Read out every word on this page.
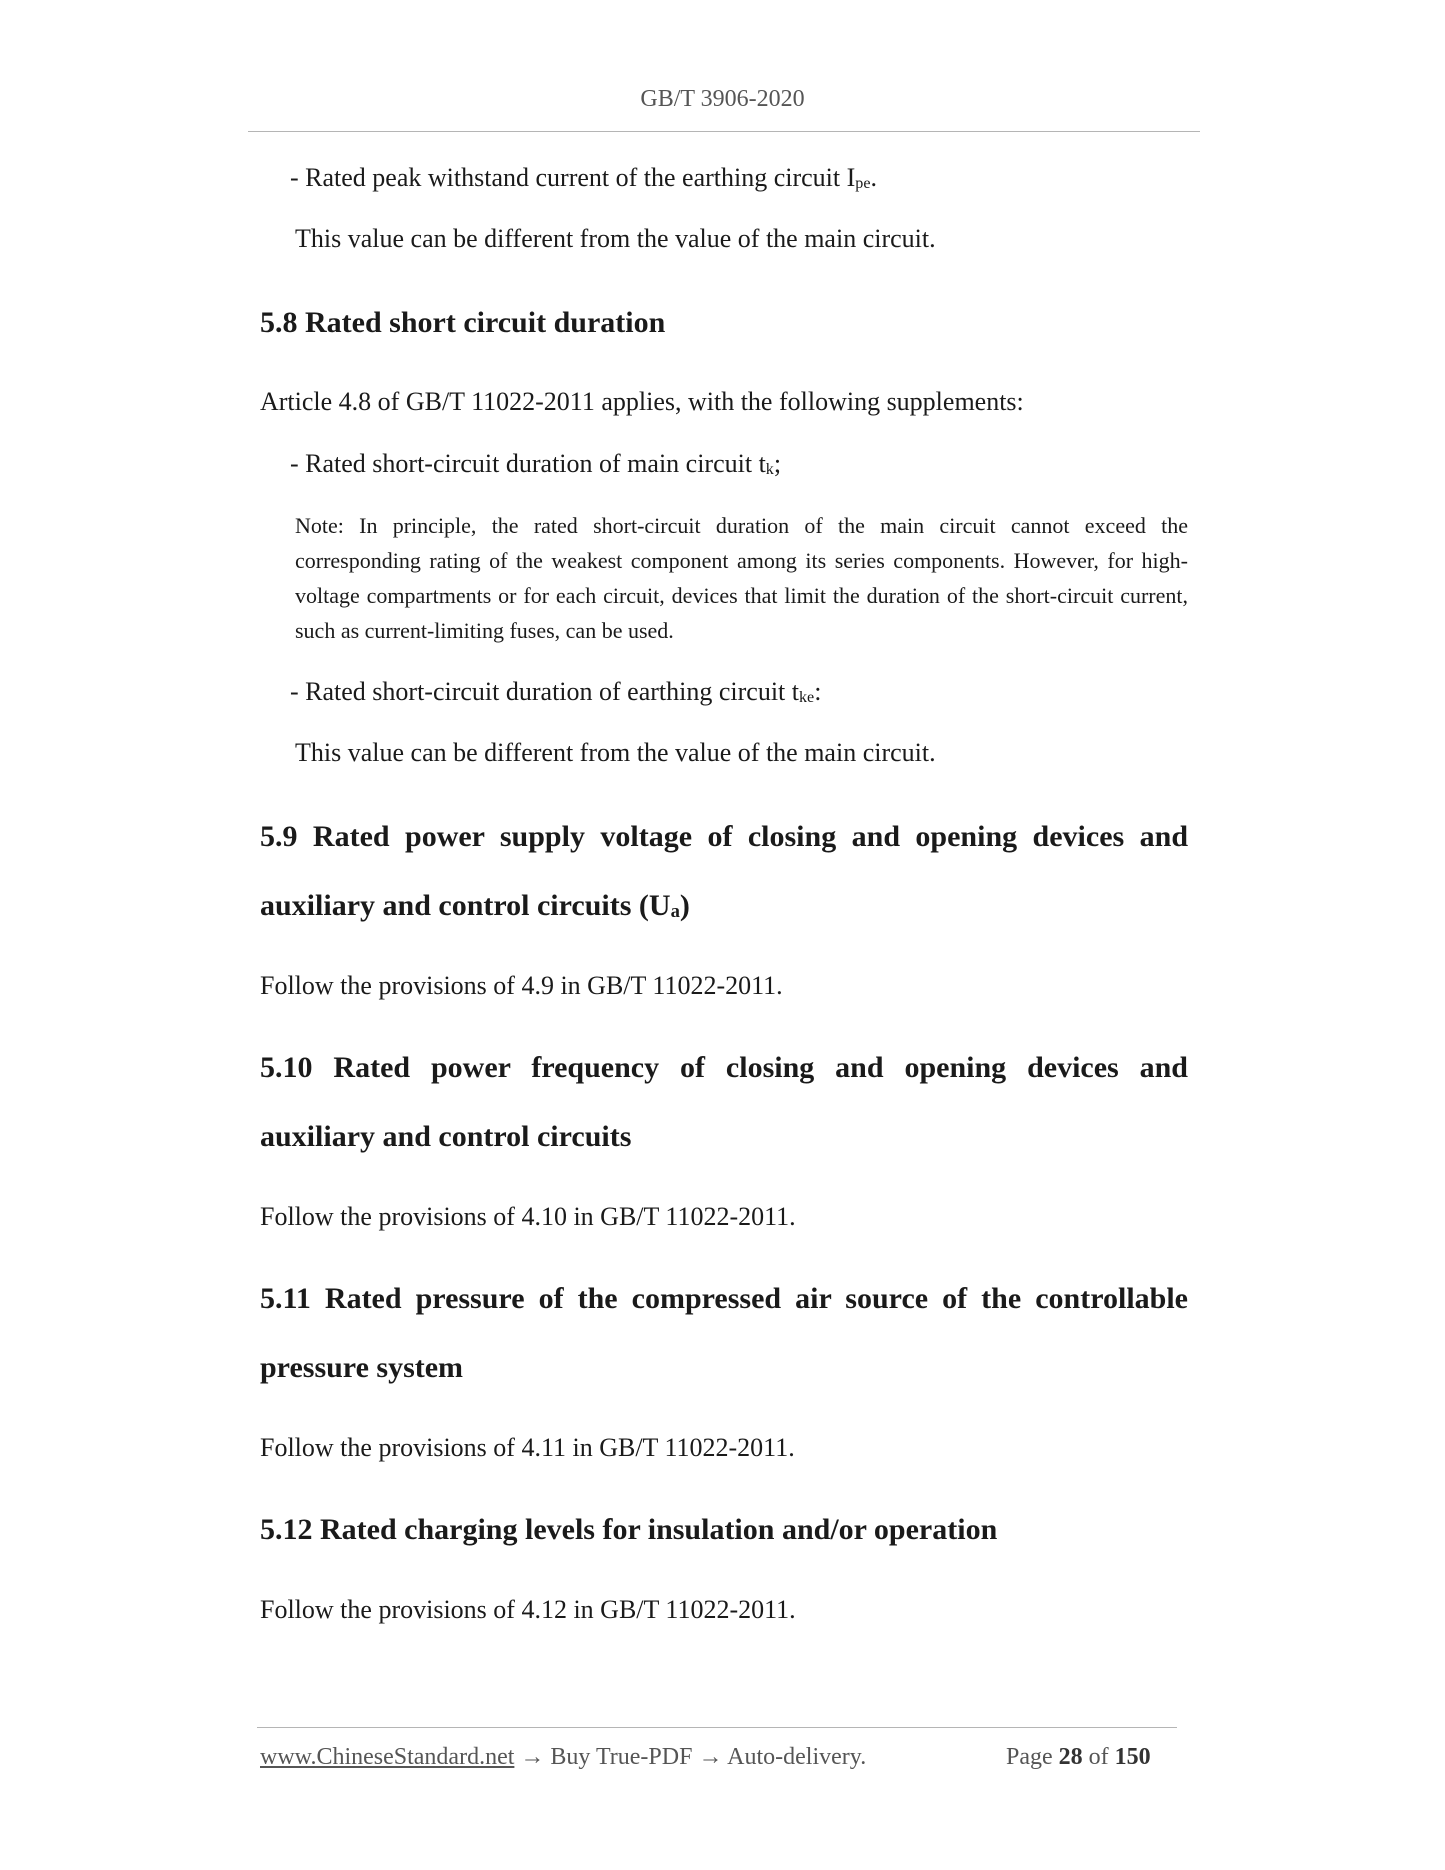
GB/T 3906-2020

- Rated peak withstand current of the earthing circuit $I_{pe}$.

This value can be different from the value of the main circuit.

5.8 Rated short circuit duration

Article 4.8 of GB/T 11022-2011 applies, with the following supplements:

- Rated short-circuit duration of main circuit $t_k$;

Note: In principle, the rated short-circuit duration of the main circuit cannot exceed the corresponding rating of the weakest component among its series components. However, for high-voltage compartments or for each circuit, devices that limit the duration of the short-circuit current, such as current-limiting fuses, can be used.

- Rated short-circuit duration of earthing circuit $t_{ke}$:

This value can be different from the value of the main circuit.

5.9 Rated power supply voltage of closing and opening devices and auxiliary and control circuits $(U_a)$

Follow the provisions of 4.9 in GB/T 11022-2011.

5.10 Rated power frequency of closing and opening devices and auxiliary and control circuits

Follow the provisions of 4.10 in GB/T 11022-2011.

5.11 Rated pressure of the compressed air source of the controllable pressure system

Follow the provisions of 4.11 in GB/T 11022-2011.

5.12 Rated charging levels for insulation and/or operation

Follow the provisions of 4.12 in GB/T 11022-2011.

www.ChineseStandard.net → Buy True-PDF → Auto-delivery.	Page 28 of 150
